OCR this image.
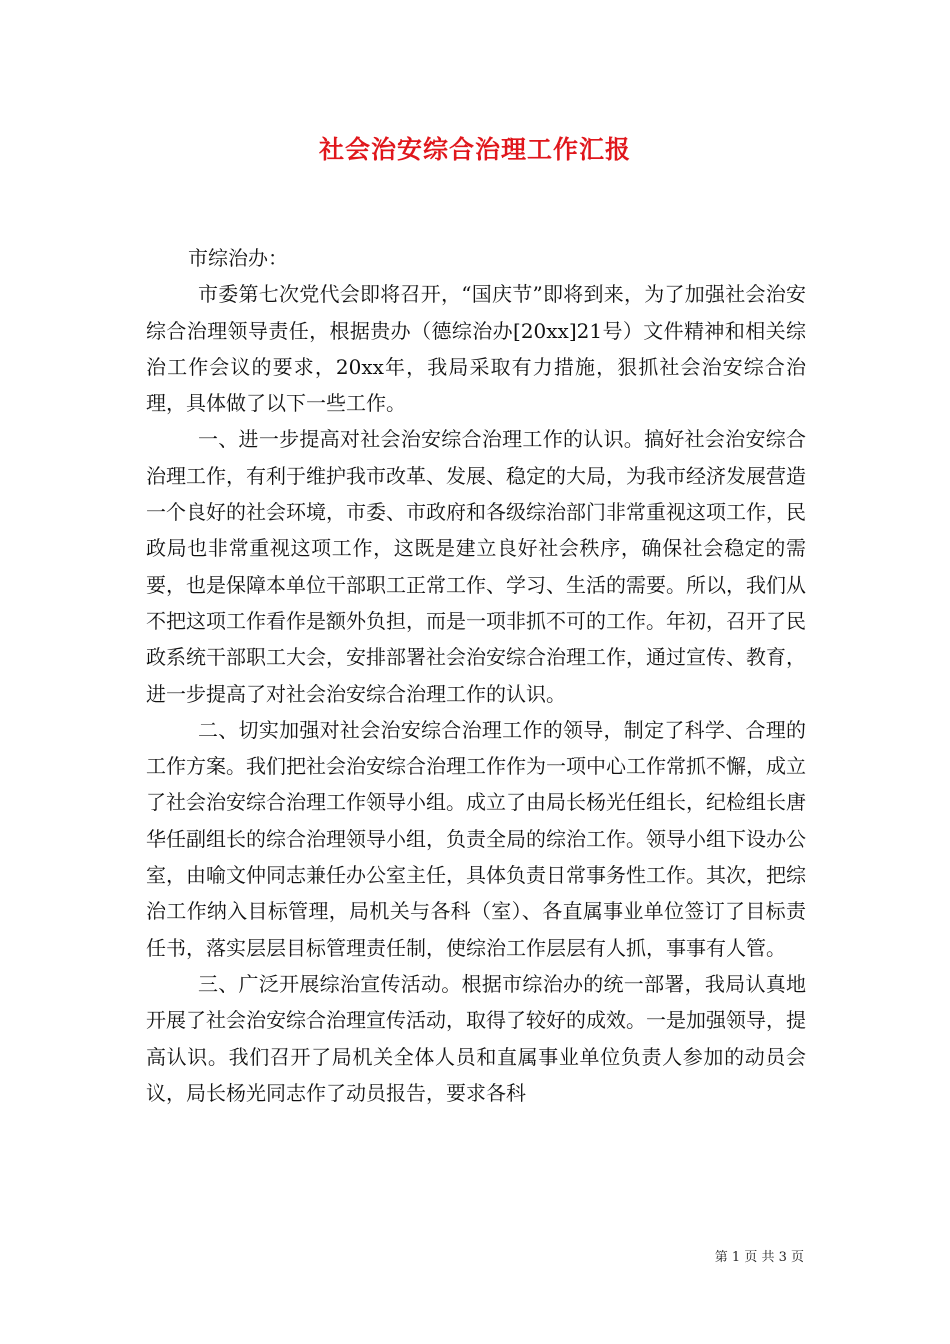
社会治安综合治理工作汇报

市综治办：

市委第七次党代会即将召开，“国庆节”即将到来，为了加强社会治安综合治理领导责任，根据贵办（德综治办[20xx]21号）文件精神和相关综治工作会议的要求，20xx年，我局采取有力措施，狠抓社会治安综合治理，具体做了以下一些工作。

一、进一步提高对社会治安综合治理工作的认识。搞好社会治安综合治理工作，有利于维护我市改革、发展、稳定的大局，为我市经济发展营造一个良好的社会环境，市委、市政府和各级综治部门非常重视这项工作，民政局也非常重视这项工作，这既是建立良好社会秩序，确保社会稳定的需要，也是保障本单位干部职工正常工作、学习、生活的需要。所以，我们从不把这项工作看作是额外负担，而是一项非抓不可的工作。年初，召开了民政系统干部职工大会，安排部署社会治安综合治理工作，通过宣传、教育，进一步提高了对社会治安综合治理工作的认识。

二、切实加强对社会治安综合治理工作的领导，制定了科学、合理的工作方案。我们把社会治安综合治理工作作为一项中心工作常抓不懈，成立了社会治安综合治理工作领导小组。成立了由局长杨光任组长，纪检组长唐华任副组长的综合治理领导小组，负责全局的综治工作。领导小组下设办公室，由喻文仲同志兼任办公室主任，具体负责日常事务性工作。其次，把综治工作纳入目标管理，局机关与各科（室）、各直属事业单位签订了目标责任书，落实层层目标管理责任制，使综治工作层层有人抓，事事有人管。

三、广泛开展综治宣传活动。根据市综治办的统一部署，我局认真地开展了社会治安综合治理宣传活动，取得了较好的成效。一是加强领导，提高认识。我们召开了局机关全体人员和直属事业单位负责人参加的动员会议，局长杨光同志作了动员报告，要求各科

第 1 页 共 3 页
